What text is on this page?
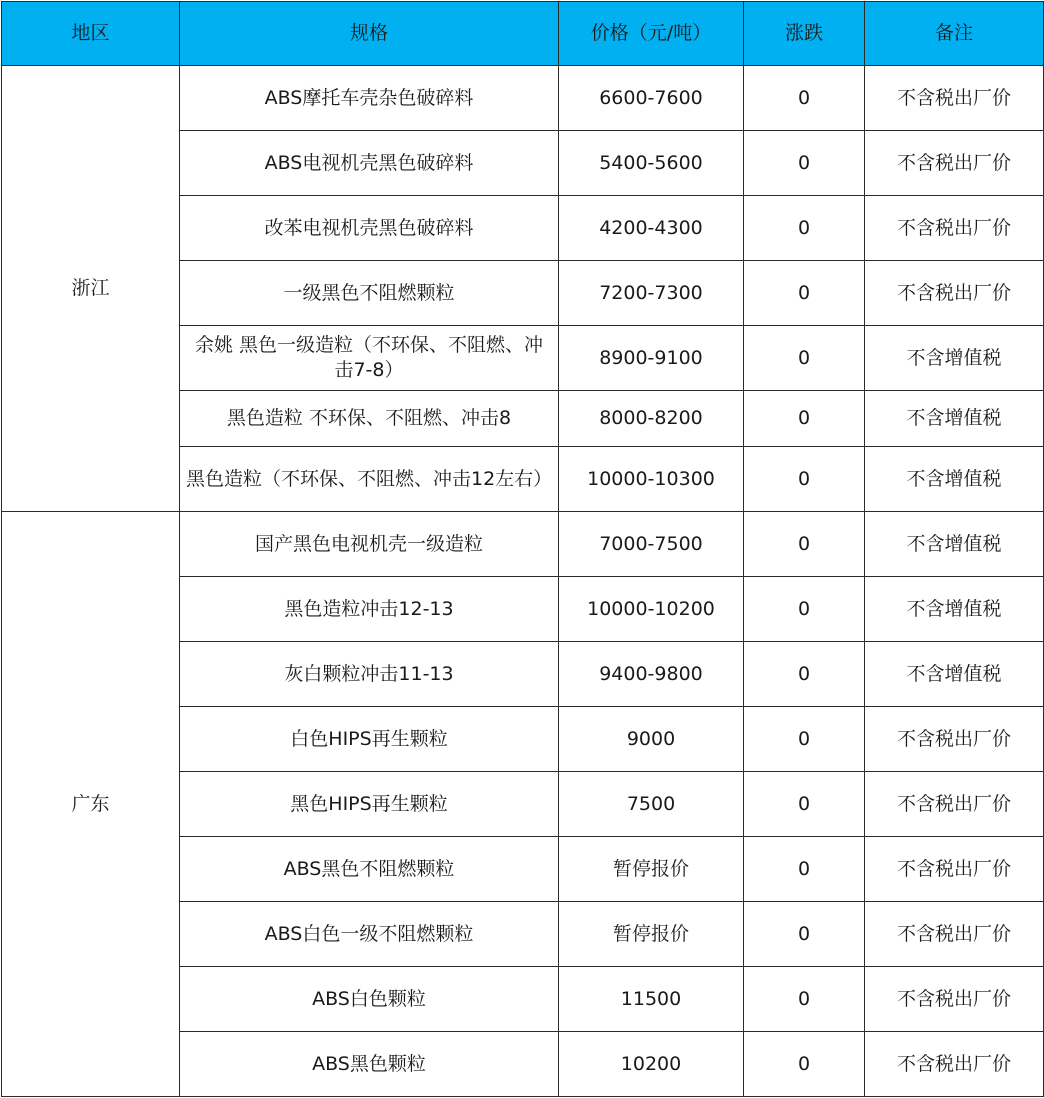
地区	规格	价格（元/吨）	涨跌	备注
浙江	ABS摩托车壳杂色破碎料	6600-7600	0	不含税出厂价
	ABS电视机壳黑色破碎料	5400-5600	0	不含税出厂价
	改苯电视机壳黑色破碎料	4200-4300	0	不含税出厂价
	一级黑色不阻燃颗粒	7200-7300	0	不含税出厂价
	余姚 黑色一级造粒（不环保、不阻燃、冲击7-8）	8900-9100	0	不含增值税
	黑色造粒 不环保、不阻燃、冲击8	8000-8200	0	不含增值税
	黑色造粒（不环保、不阻燃、冲击12左右）	10000-10300	0	不含增值税
广东	国产黑色电视机壳一级造粒	7000-7500	0	不含增值税
	黑色造粒冲击12-13	10000-10200	0	不含增值税
	灰白颗粒冲击11-13	9400-9800	0	不含增值税
	白色HIPS再生颗粒	9000	0	不含税出厂价
	黑色HIPS再生颗粒	7500	0	不含税出厂价
	ABS黑色不阻燃颗粒	暂停报价	0	不含税出厂价
	ABS白色一级不阻燃颗粒	暂停报价	0	不含税出厂价
	ABS白色颗粒	11500	0	不含税出厂价
	ABS黑色颗粒	10200	0	不含税出厂价
